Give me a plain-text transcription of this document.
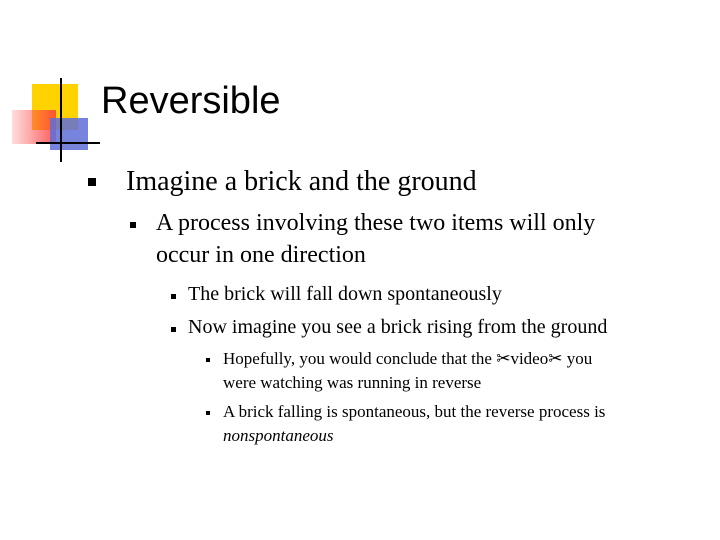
Reversible
Imagine a brick and the ground
A process involving these two items will only
occur in one direction
The brick will fall down spontaneously
Now imagine you see a brick rising from the ground
Hopefully, you would conclude that the ✂video✂ you
were watching was running in reverse
A brick falling is spontaneous, but the reverse process is
nonspontaneous
